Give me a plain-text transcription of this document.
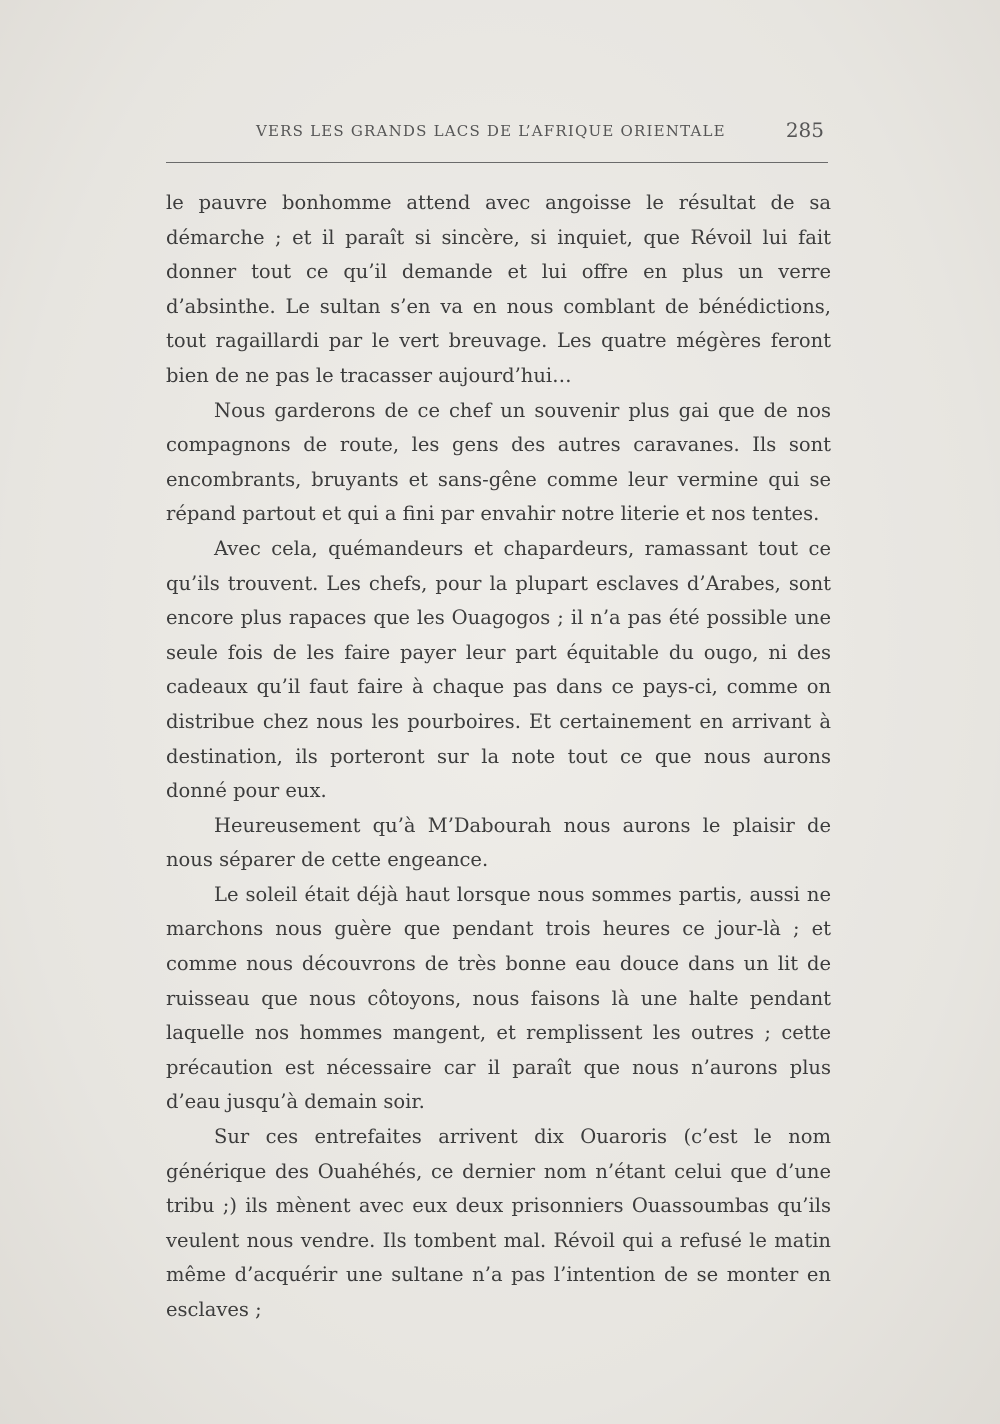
VERS LES GRANDS LACS DE L’AFRIQUE ORIENTALE	285

le pauvre bonhomme attend avec angoisse le résultat de sa démarche ; et il paraît si sincère, si inquiet, que Révoil lui fait donner tout ce qu’il demande et lui offre en plus un verre d’absinthe. Le sultan s’en va en nous comblant de bénédictions, tout ragaillardi par le vert breuvage. Les quatre mégères feront bien de ne pas le tracasser aujourd’hui…

Nous garderons de ce chef un souvenir plus gai que de nos compagnons de route, les gens des autres caravanes. Ils sont encombrants, bruyants et sans-gêne comme leur vermine qui se répand partout et qui a fini par envahir notre literie et nos tentes.

Avec cela, quémandeurs et chapardeurs, ramassant tout ce qu’ils trouvent. Les chefs, pour la plupart esclaves d’Arabes, sont encore plus rapaces que les Ouagogos ; il n’a pas été possible une seule fois de les faire payer leur part équitable du ougo, ni des cadeaux qu’il faut faire à chaque pas dans ce pays-ci, comme on distribue chez nous les pourboires. Et certainement en arrivant à destination, ils porteront sur la note tout ce que nous aurons donné pour eux.

Heureusement qu’à M’Dabourah nous aurons le plaisir de nous séparer de cette engeance.

Le soleil était déjà haut lorsque nous sommes partis, aussi ne marchons nous guère que pendant trois heures ce jour-là ; et comme nous découvrons de très bonne eau douce dans un lit de ruisseau que nous côtoyons, nous faisons là une halte pendant laquelle nos hommes mangent, et remplissent les outres ; cette précaution est nécessaire car il paraît que nous n’aurons plus d’eau jusqu’à demain soir.

Sur ces entrefaites arrivent dix Ouaroris (c’est le nom générique des Ouahéhés, ce dernier nom n’étant celui que d’une tribu ;) ils mènent avec eux deux prisonniers Ouassoumbas qu’ils veulent nous vendre. Ils tombent mal. Révoil qui a refusé le matin même d’acquérir une sultane n’a pas l’intention de se monter en esclaves ;
